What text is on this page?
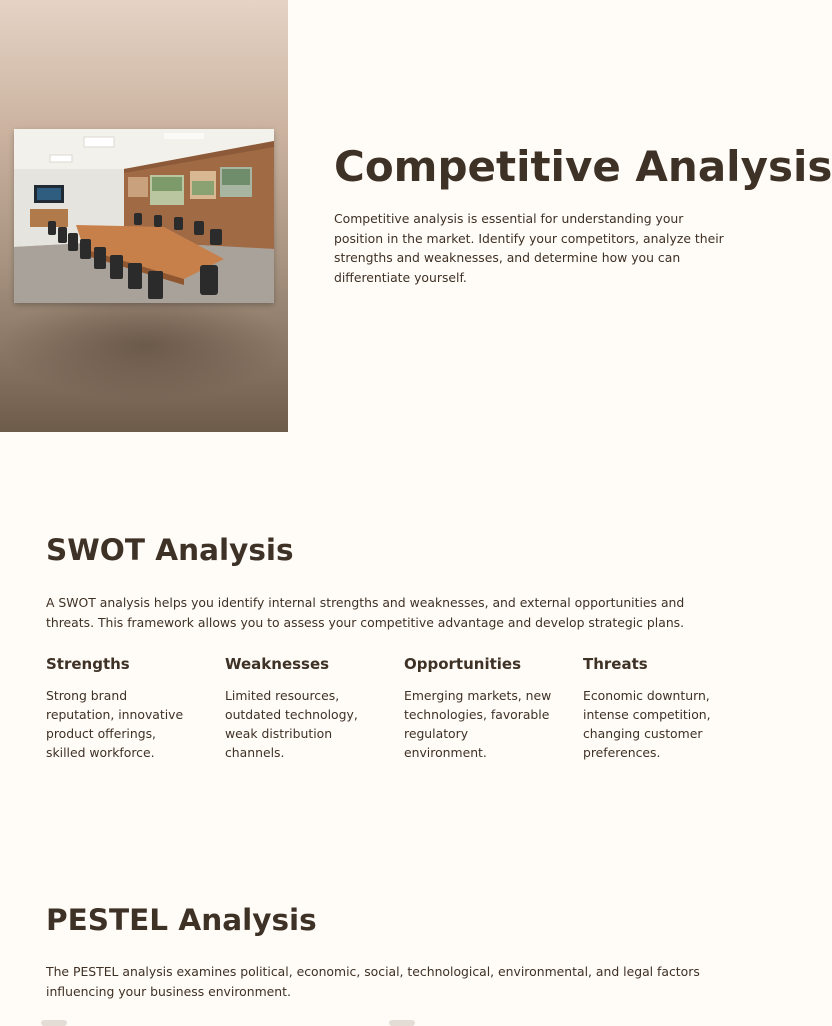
Competitive Analysis

Competitive analysis is essential for understanding your position in the market. Identify your competitors, analyze their strengths and weaknesses, and determine how you can differentiate yourself.

SWOT Analysis

A SWOT analysis helps you identify internal strengths and weaknesses, and external opportunities and threats. This framework allows you to assess your competitive advantage and develop strategic plans.

Strengths

Strong brand reputation, innovative product offerings, skilled workforce.

Weaknesses

Limited resources, outdated technology, weak distribution channels.

Opportunities

Emerging markets, new technologies, favorable regulatory environment.

Threats

Economic downturn, intense competition, changing customer preferences.

PESTEL Analysis

The PESTEL analysis examines political, economic, social, technological, environmental, and legal factors influencing your business environment.
